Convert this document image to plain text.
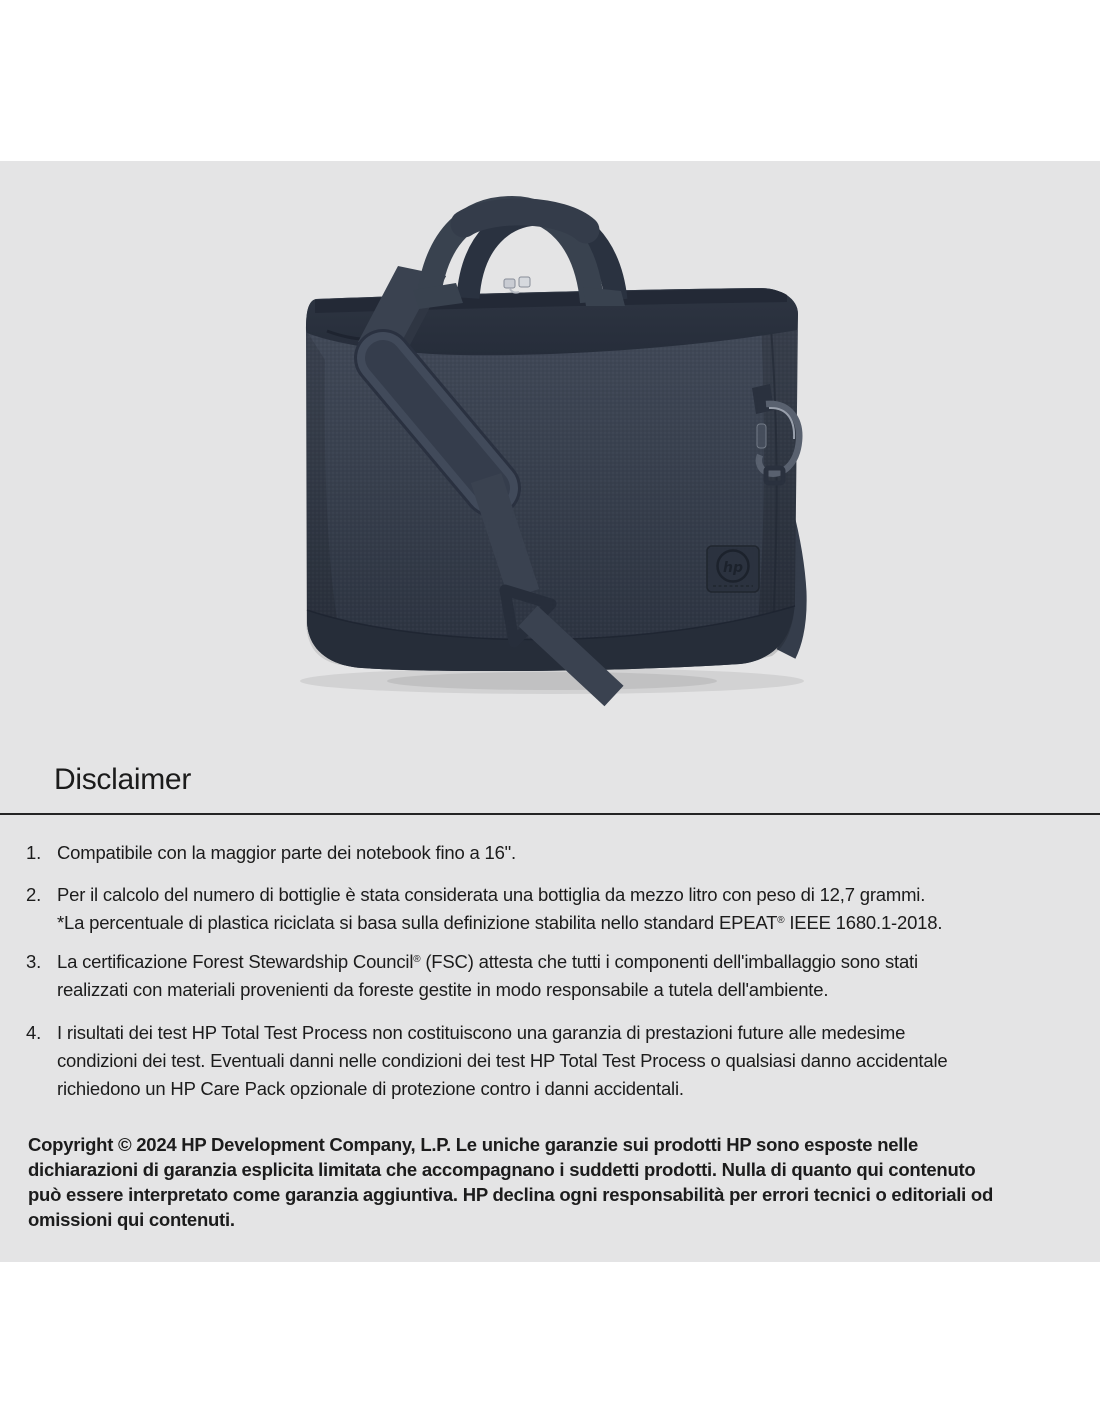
hp
Disclaimer
1. Compatibile con la maggior parte dei notebook fino a 16".
2. Per il calcolo del numero di bottiglie è stata considerata una bottiglia da mezzo litro con peso di 12,7 grammi.
*La percentuale di plastica riciclata si basa sulla definizione stabilita nello standard EPEAT® IEEE 1680.1-2018.
3. La certificazione Forest Stewardship Council® (FSC) attesta che tutti i componenti dell'imballaggio sono stati
realizzati con materiali provenienti da foreste gestite in modo responsabile a tutela dell'ambiente.
4. I risultati dei test HP Total Test Process non costituiscono una garanzia di prestazioni future alle medesime
condizioni dei test. Eventuali danni nelle condizioni dei test HP Total Test Process o qualsiasi danno accidentale
richiedono un HP Care Pack opzionale di protezione contro i danni accidentali.
Copyright © 2024 HP Development Company, L.P. Le uniche garanzie sui prodotti HP sono esposte nelle
dichiarazioni di garanzia esplicita limitata che accompagnano i suddetti prodotti. Nulla di quanto qui contenuto
può essere interpretato come garanzia aggiuntiva. HP declina ogni responsabilità per errori tecnici o editoriali od
omissioni qui contenuti.
